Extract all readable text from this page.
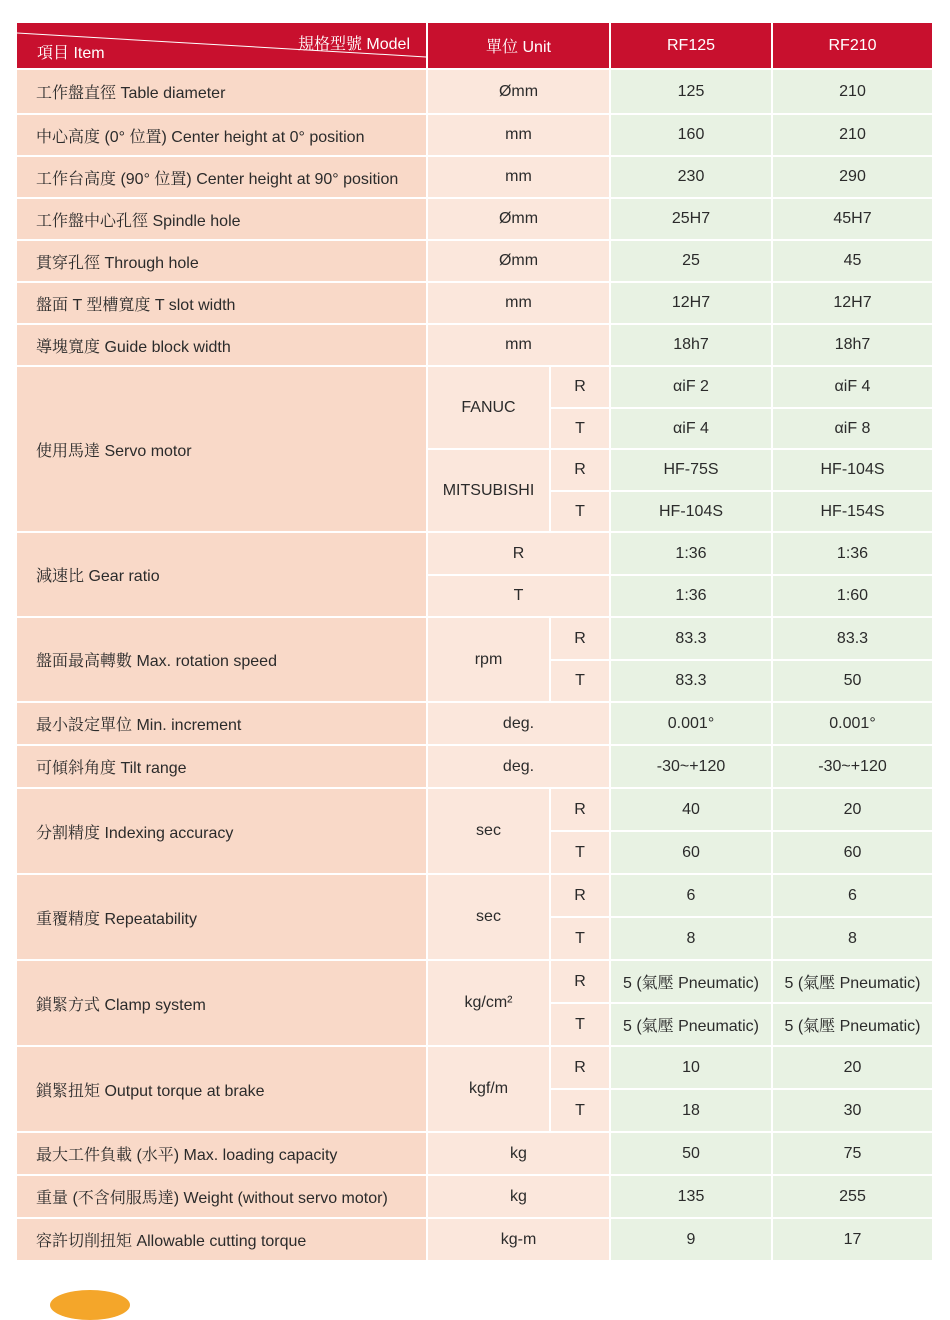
規格型號 Model
項目 Item	單位 Unit		RF125	RF210
工作盤直徑 Table diameter	Ømm		125	210
中心高度 (0° 位置) Center height at 0° position	mm		160	210
工作台高度 (90° 位置) Center height at 90° position	mm		230	290
工作盤中心孔徑 Spindle hole	Ømm		25H7	45H7
貫穿孔徑 Through hole	Ømm		25	45
盤面 T 型槽寬度 T slot width	mm		12H7	12H7
導塊寬度 Guide block width	mm		18h7	18h7
使用馬達 Servo motor	FANUC	R	αiF 2	αiF 4
		T	αiF 4	αiF 8
	MITSUBISHI	R	HF-75S	HF-104S
		T	HF-104S	HF-154S
減速比 Gear ratio	R		1:36	1:36
	T		1:36	1:60
盤面最高轉數 Max. rotation speed	rpm	R	83.3	83.3
		T	83.3	50
最小設定單位 Min. increment	deg.		0.001°	0.001°
可傾斜角度 Tilt range	deg.		-30~+120	-30~+120
分割精度 Indexing accuracy	sec	R	40	20
		T	60	60
重覆精度 Repeatability	sec	R	6	6
		T	8	8
鎖緊方式 Clamp system	kg/cm²	R	5 (氣壓 Pneumatic)	5 (氣壓 Pneumatic)
		T	5 (氣壓 Pneumatic)	5 (氣壓 Pneumatic)
鎖緊扭矩 Output torque at brake	kgf/m	R	10	20
		T	18	30
最大工件負載 (水平) Max. loading capacity	kg		50	75
重量 (不含伺服馬達) Weight (without servo motor)	kg		135	255
容許切削扭矩 Allowable cutting torque	kg-m		9	17
